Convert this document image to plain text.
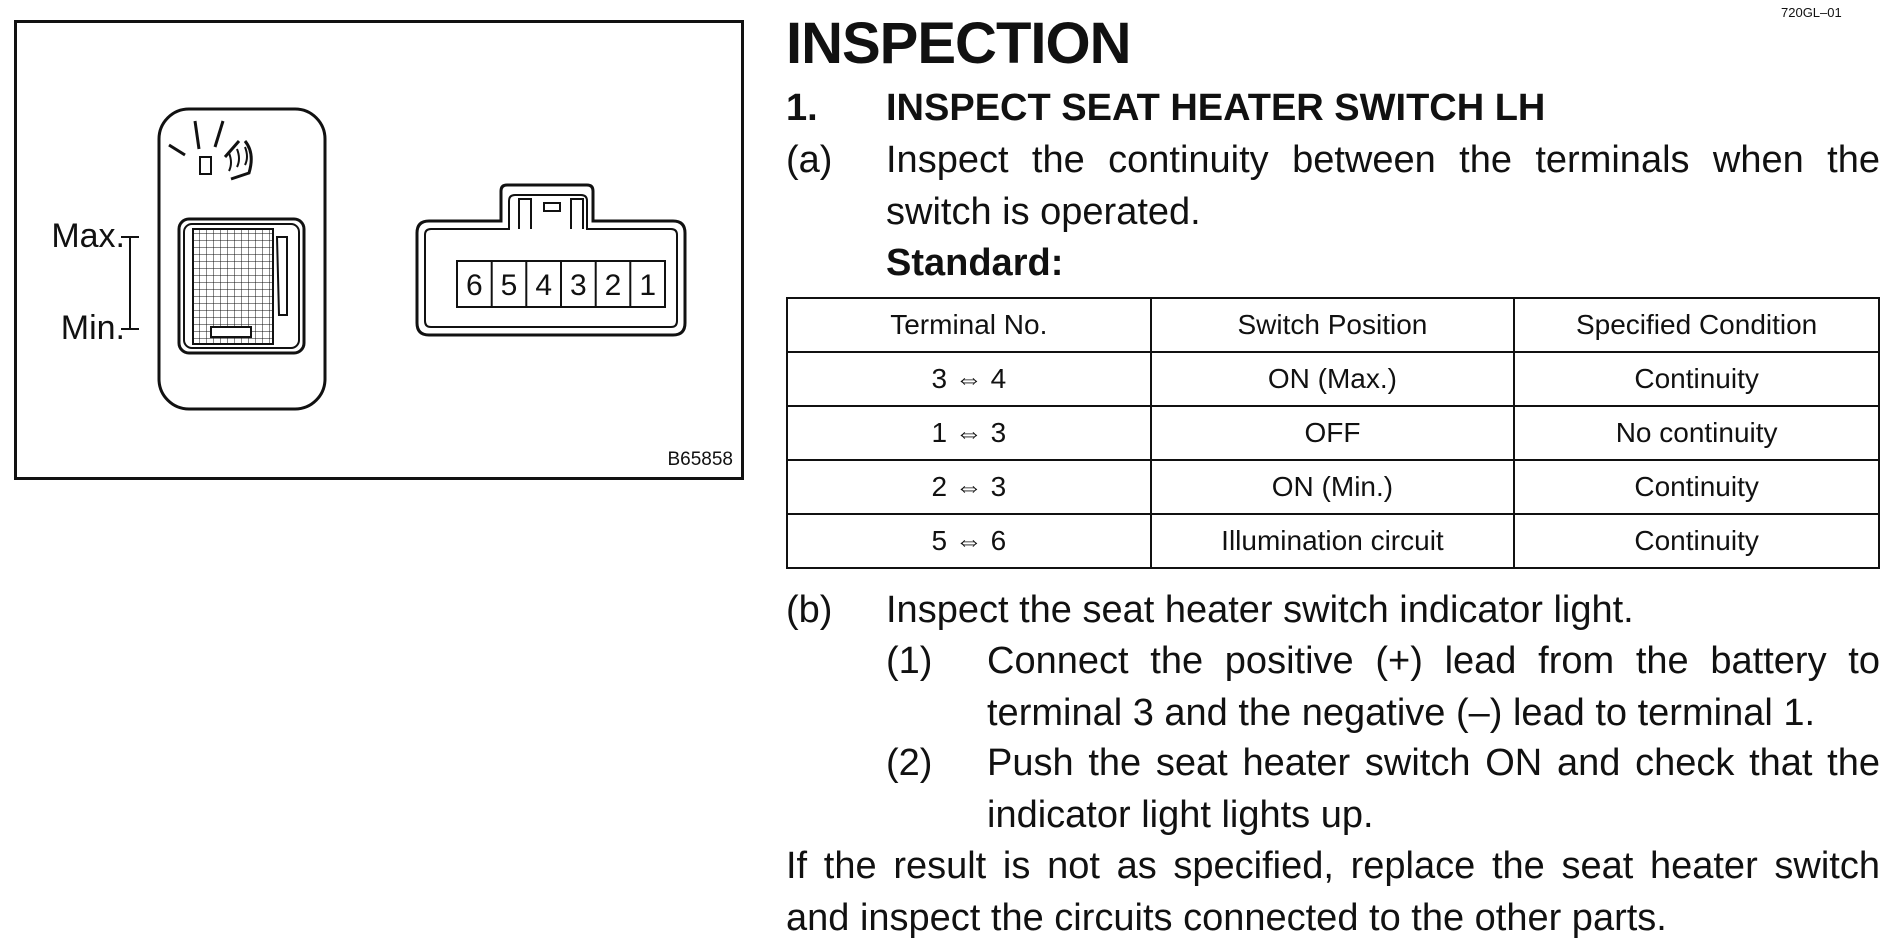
720GL–01
Max.
Min.
6 5 4 3 2 1
B65858
INSPECTION
1. INSPECT SEAT HEATER SWITCH LH
(a) Inspect the continuity between the terminals when the switch is operated.
Standard:
Terminal No.	Switch Position	Specified Condition
3 ⇔ 4	ON (Max.)	Continuity
1 ⇔ 3	OFF	No continuity
2 ⇔ 3	ON (Min.)	Continuity
5 ⇔ 6	Illumination circuit	Continuity
(b) Inspect the seat heater switch indicator light.
(1) Connect the positive (+) lead from the battery to terminal 3 and the negative (–) lead to terminal 1.
(2) Push the seat heater switch ON and check that the indicator light lights up.
If the result is not as specified, replace the seat heater switch and inspect the circuits connected to the other parts.
